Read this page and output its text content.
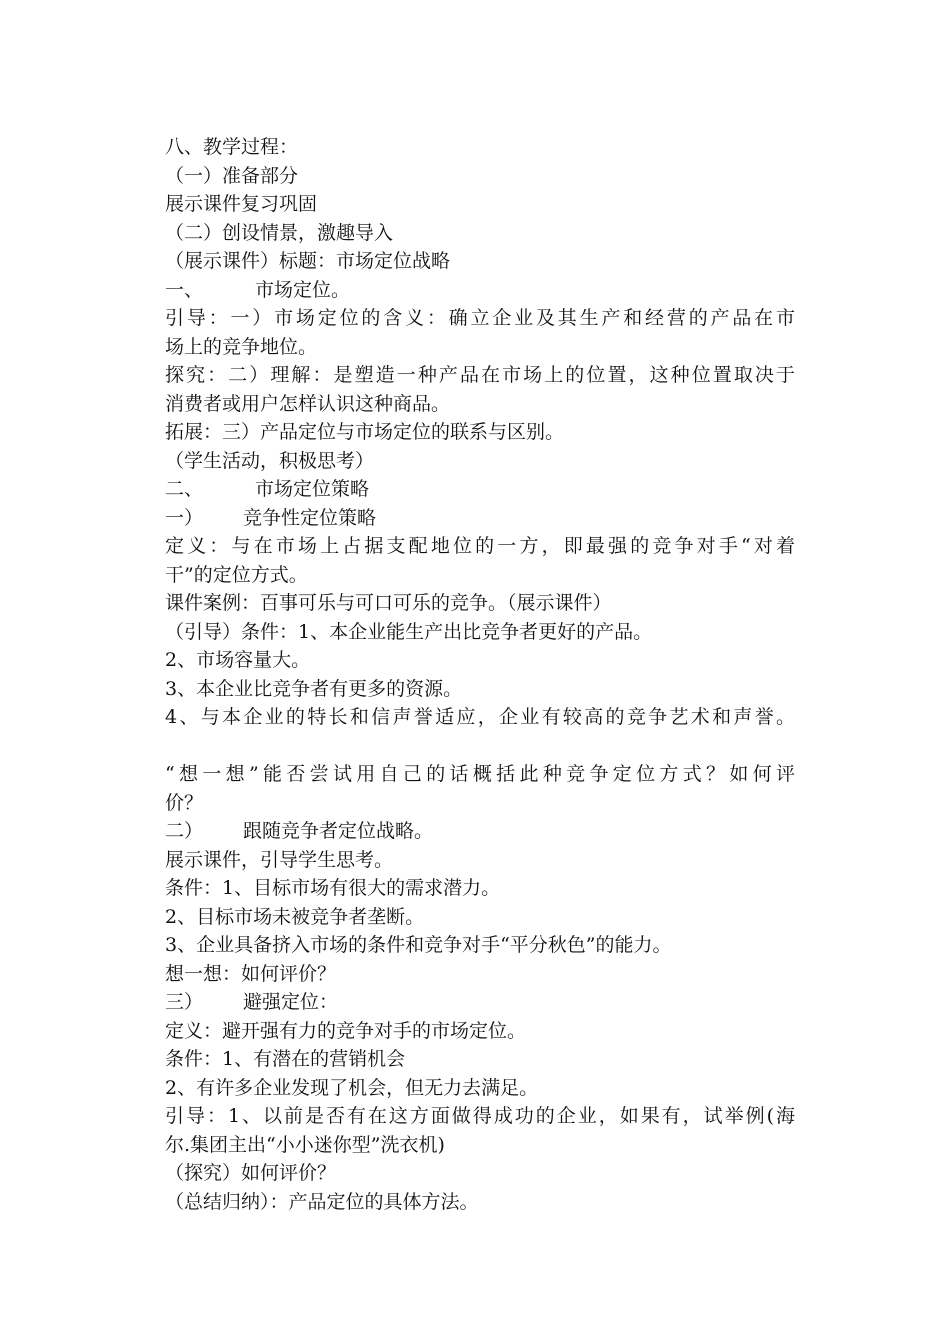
八、教学过程：
（一）准备部分
展示课件复习巩固
（二）创设情景，激趣导入
（展示课件）标题：市场定位战略
一、	市场定位。
引导：一）市场定位的含义：确立企业及其生产和经营的产品在市
场上的竞争地位。
探究：二）理解：是塑造一种产品在市场上的位置，这种位置取决于
消费者或用户怎样认识这种商品。
拓展：三）产品定位与市场定位的联系与区别。
（学生活动，积极思考）
二、	市场定位策略
一） 竞争性定位策略
定义：与在市场上占据支配地位的一方，即最强的竞争对手“对着
干”的定位方式。
课件案例：百事可乐与可口可乐的竞争。（展示课件）
（引导）条件：1、本企业能生产出比竞争者更好的产品。
2、市场容量大。
3、本企业比竞争者有更多的资源。
4、与本企业的特长和信声誉适应，企业有较高的竞争艺术和声誉。
“想一想”能否尝试用自己的话概括此种竞争定位方式？如何评
价？
二） 跟随竞争者定位战略。
展示课件，引导学生思考。
条件：1、目标市场有很大的需求潜力。
2、目标市场未被竞争者垄断。
3、企业具备挤入市场的条件和竞争对手“平分秋色”的能力。
想一想：如何评价？
三） 避强定位：
定义：避开强有力的竞争对手的市场定位。
条件：1、有潜在的营销机会
2、有许多企业发现了机会，但无力去满足。
引导：1、以前是否有在这方面做得成功的企业，如果有，试举例(海
尔.集团主出“小小迷你型”洗衣机)
（探究）如何评价？
（总结归纳）：产品定位的具体方法。
